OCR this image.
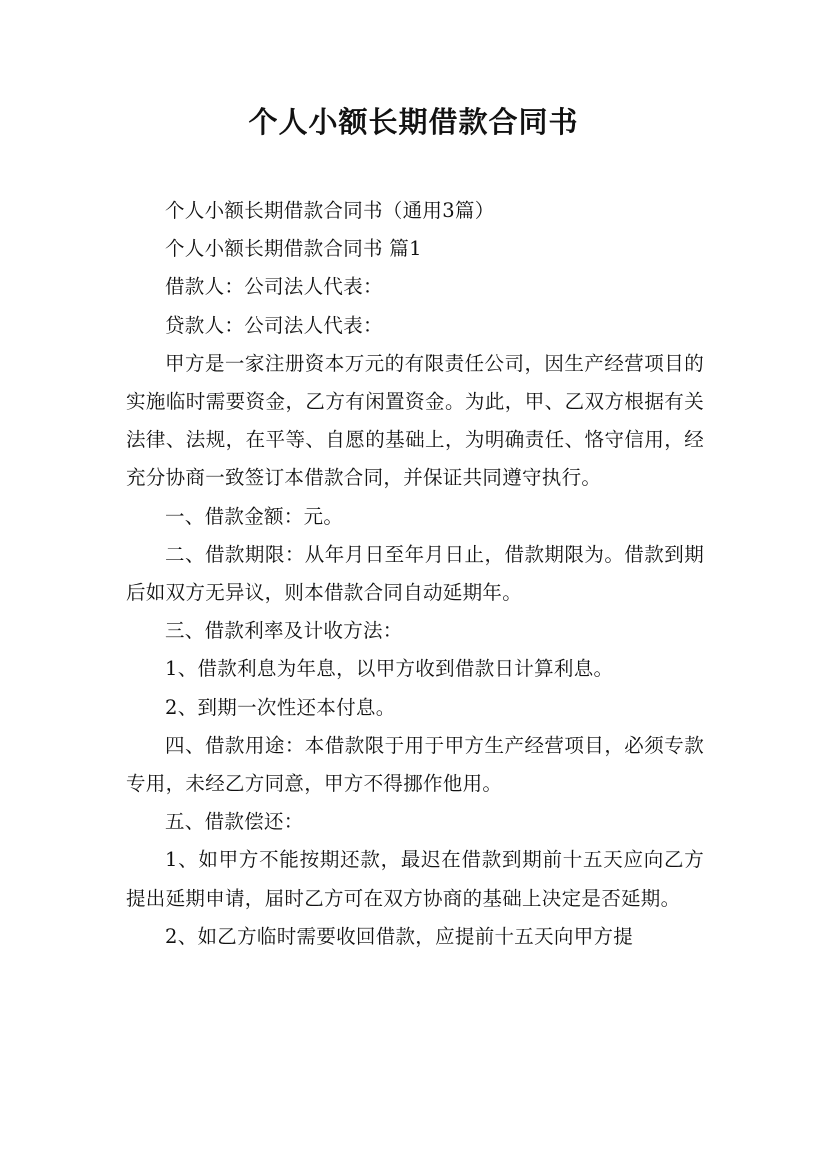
个人小额长期借款合同书

个人小额长期借款合同书（通用3篇）

个人小额长期借款合同书 篇1

借款人：公司法人代表：

贷款人：公司法人代表：

甲方是一家注册资本万元的有限责任公司，因生产经营项目的实施临时需要资金，乙方有闲置资金。为此，甲、乙双方根据有关法律、法规，在平等、自愿的基础上，为明确责任、恪守信用，经充分协商一致签订本借款合同，并保证共同遵守执行。

一、借款金额：元。

二、借款期限：从年月日至年月日止，借款期限为。借款到期后如双方无异议，则本借款合同自动延期年。

三、借款利率及计收方法：

1、借款利息为年息，以甲方收到借款日计算利息。

2、到期一次性还本付息。

四、借款用途：本借款限于用于甲方生产经营项目，必须专款专用，未经乙方同意，甲方不得挪作他用。

五、借款偿还：

1、如甲方不能按期还款，最迟在借款到期前十五天应向乙方提出延期申请，届时乙方可在双方协商的基础上决定是否延期。

2、如乙方临时需要收回借款，应提前十五天向甲方提
